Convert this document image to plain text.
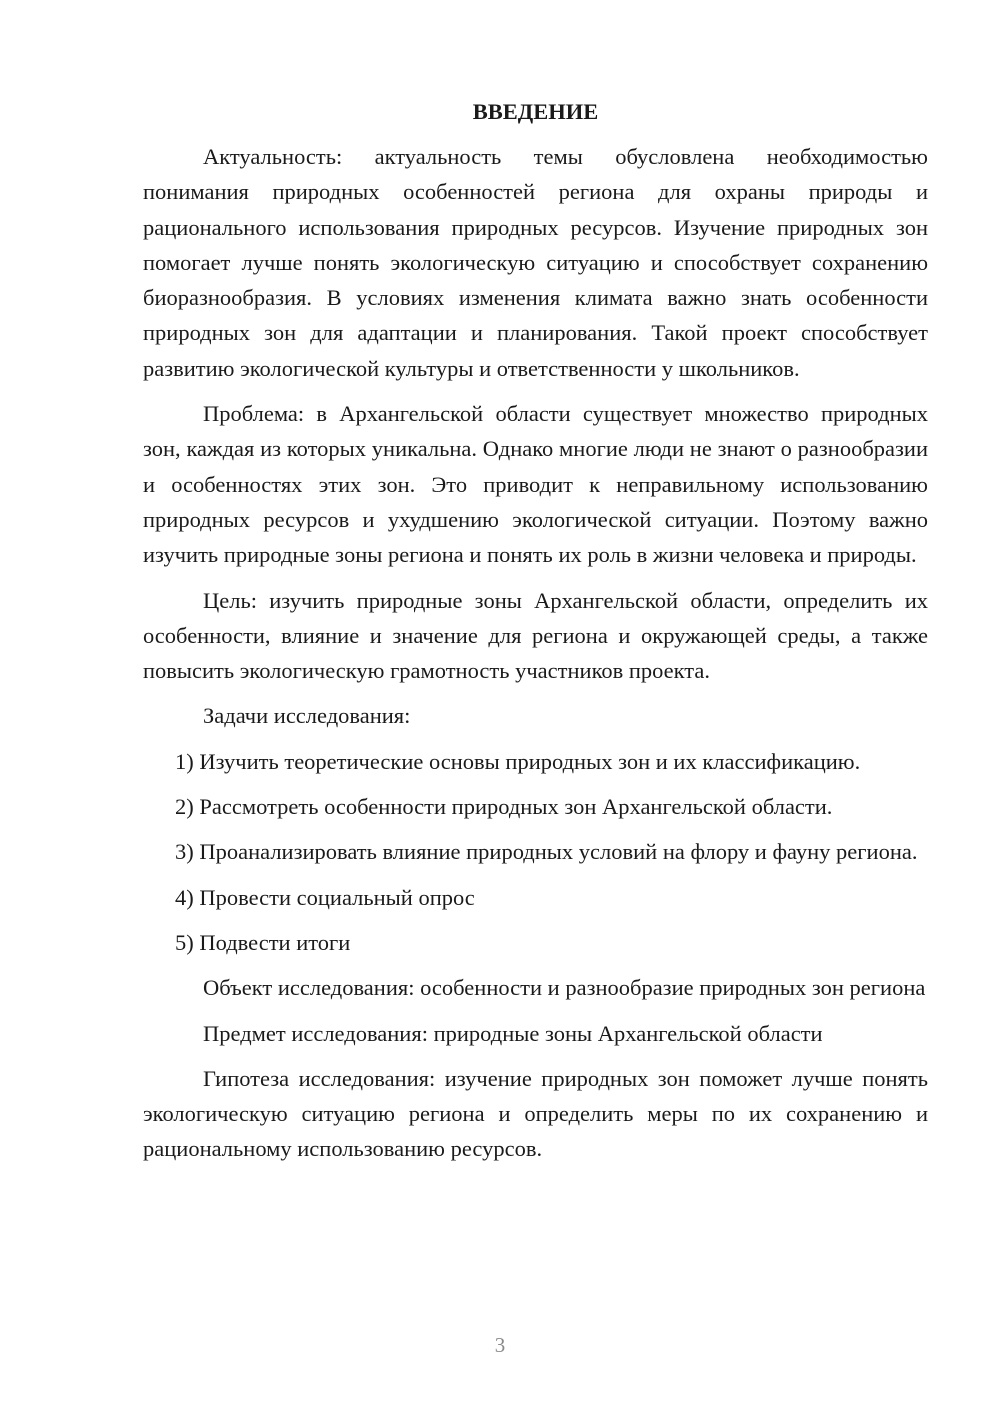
ВВЕДЕНИЕ

Актуальность: актуальность темы обусловлена необходимостью понимания природных особенностей региона для охраны природы и рационального использования природных ресурсов. Изучение природных зон помогает лучше понять экологическую ситуацию и способствует сохранению биоразнообразия. В условиях изменения климата важно знать особенности природных зон для адаптации и планирования. Такой проект способствует развитию экологической культуры и ответственности у школьников.

Проблема: в Архангельской области существует множество природных зон, каждая из которых уникальна. Однако многие люди не знают о разнообразии и особенностях этих зон. Это приводит к неправильному использованию природных ресурсов и ухудшению экологической ситуации. Поэтому важно изучить природные зоны региона и понять их роль в жизни человека и природы.

Цель: изучить природные зоны Архангельской области, определить их особенности, влияние и значение для региона и окружающей среды, а также повысить экологическую грамотность участников проекта.

Задачи исследования:

1) Изучить теоретические основы природных зон и их классификацию.

2) Рассмотреть особенности природных зон Архангельской области.

3) Проанализировать влияние природных условий на флору и фауну региона.

4) Провести социальный опрос

5) Подвести итоги

Объект исследования: особенности и разнообразие природных зон региона

Предмет исследования: природные зоны Архангельской области

Гипотеза исследования: изучение природных зон поможет лучше понять экологическую ситуацию региона и определить меры по их сохранению и рациональному использованию ресурсов.

3
